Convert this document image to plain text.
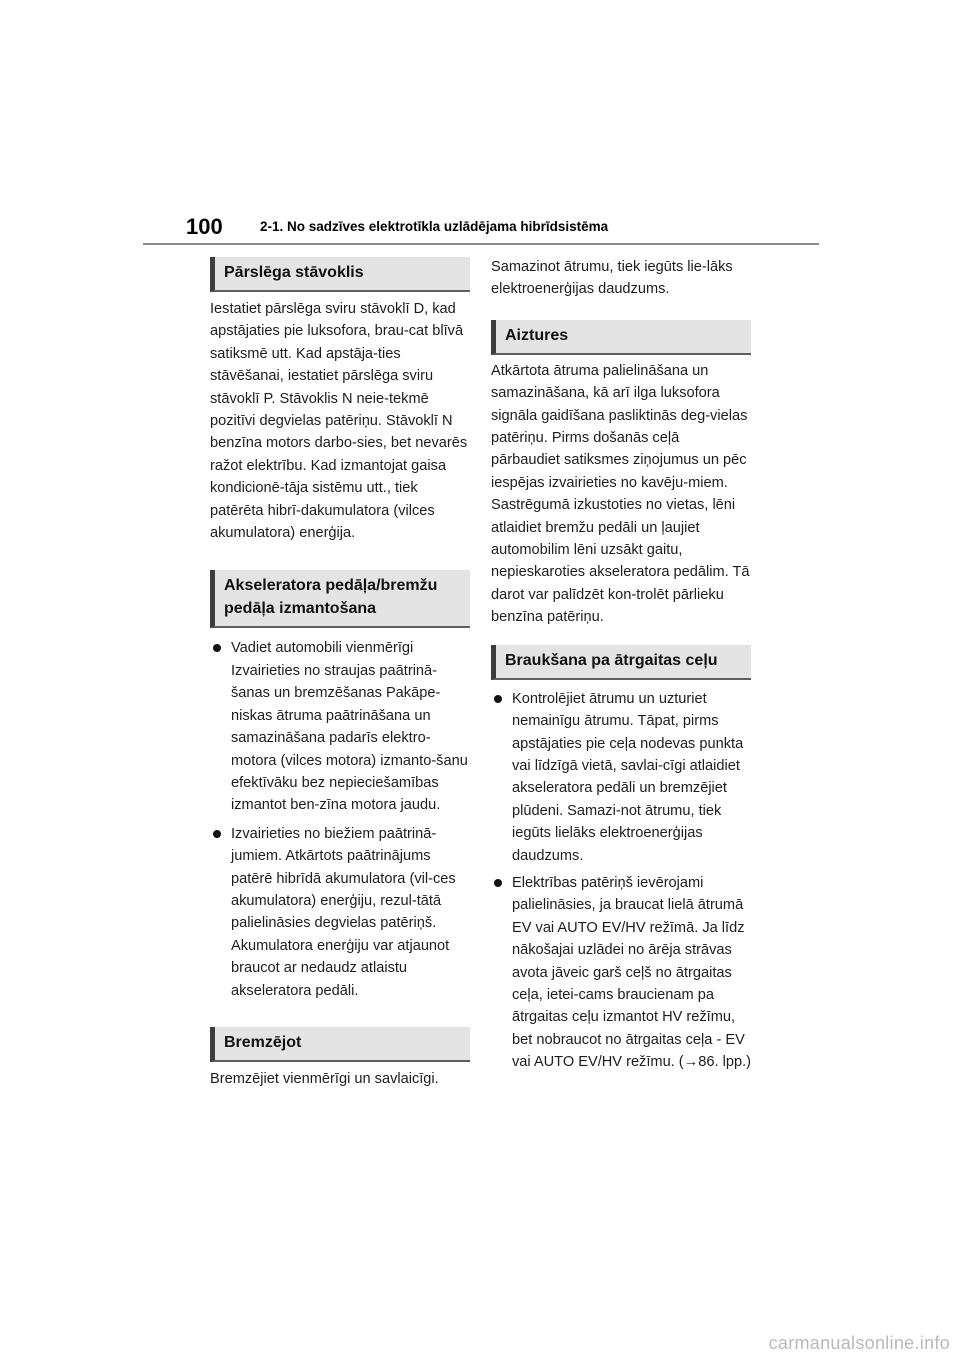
100	2-1. No sadzīves elektrotīkla uzlādējama hibrīdsistēma
Pārslēga stāvoklis

Iestatiet pārslēga sviru stāvoklī D, kad apstājaties pie luksofora, brau-cat blīvā satiksmē utt. Kad apstāja-ties stāvēšanai, iestatiet pārslēga sviru stāvoklī P. Stāvoklis N neie-tekmē pozitīvi degvielas patēriņu. Stāvoklī N benzīna motors darbo-sies, bet nevarēs ražot elektrību. Kad izmantojat gaisa kondicionē-tāja sistēmu utt., tiek patērēta hibrī-dakumulatora (vilces akumulatora) enerģija.

Akseleratora pedāļa/bremžu pedāļa izmantošana
Vadiet automobili vienmērīgi Izvairieties no straujas paātrinā-šanas un bremzēšanas Pakāpe-niskas ātruma paātrināšana un samazināšana padarīs elektro-motora (vilces motora) izmanto-šanu efektīvāku bez nepieciešamības izmantot ben-zīna motora jaudu.
Izvairieties no biežiem paātrinā-jumiem. Atkārtots paātrinājums patērē hibrīdā akumulatora (vil-ces akumulatora) enerģiju, rezul-tātā palielināsies degvielas patēriņš. Akumulatora enerģiju var atjaunot braucot ar nedaudz atlaistu akseleratora pedāli.
Bremzējot

Bremzējiet vienmērīgi un savlaicīgi.

Samazinot ātrumu, tiek iegūts lie-lāks elektroenerģijas daudzums.

Aiztures

Atkārtota ātruma palielināšana un samazināšana, kā arī ilga luksofora signāla gaidīšana pasliktinās deg-vielas patēriņu. Pirms došanās ceļā pārbaudiet satiksmes ziņojumus un pēc iespējas izvairieties no kavēju-miem. Sastrēgumā izkustoties no vietas, lēni atlaidiet bremžu pedāli un ļaujiet automobilim lēni uzsākt gaitu, nepieskaroties akseleratora pedālim. Tā darot var palīdzēt kon-trolēt pārlieku benzīna patēriņu.

Braukšana pa ātrgaitas ceļu
Kontrolējiet ātrumu un uzturiet nemainīgu ātrumu. Tāpat, pirms apstājaties pie ceļa nodevas punkta vai līdzīgā vietā, savlai-cīgi atlaidiet akseleratora pedāli un bremzējiet plūdeni. Samazi-not ātrumu, tiek iegūts lielāks elektroenerģijas daudzums.
Elektrības patēriņš ievērojami palielināsies, ja braucat lielā ātrumā EV vai AUTO EV/HV režīmā. Ja līdz nākošajai uzlādei no ārēja strāvas avota jāveic garš ceļš no ātrgaitas ceļa, ietei-cams braucienam pa ātrgaitas ceļu izmantot HV režīmu, bet nobraucot no ātrgaitas ceļa - EV vai AUTO EV/HV režīmu. (→86. lpp.)
carmanualsonline.info
